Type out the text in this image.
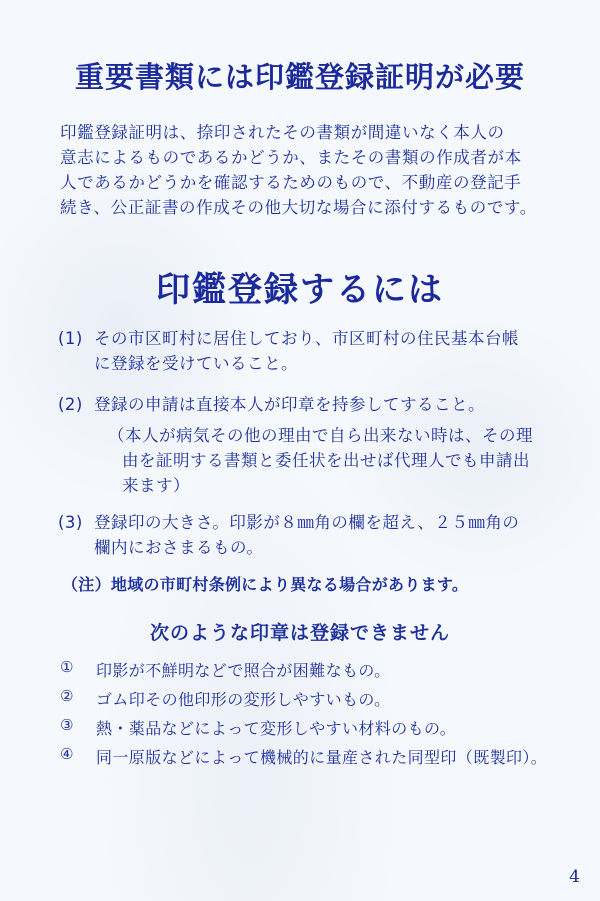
重要書類には印鑑登録証明が必要
印鑑登録証明は、捺印されたその書類が間違いなく本人の
意志によるものであるかどうか、またその書類の作成者が本
人であるかどうかを確認するためのもので、不動産の登記手
続き、公正証書の作成その他大切な場合に添付するものです。
印鑑登録するには
(1) その市区町村に居住しており、市区町村の住民基本台帳
に登録を受けていること。
(2) 登録の申請は直接本人が印章を持参してすること。
（本人が病気その他の理由で自ら出来ない時は、その理
由を証明する書類と委任状を出せば代理人でも申請出
来ます）
(3) 登録印の大きさ。印影が８㎜角の欄を超え、２５㎜角の
欄内におさまるもの。
（注）地域の市町村条例により異なる場合があります。
次のような印章は登録できません
① 印影が不鮮明などで照合が困難なもの。
② ゴム印その他印形の変形しやすいもの。
③ 熱・薬品などによって変形しやすい材料のもの。
④ 同一原版などによって機械的に量産された同型印（既製印）。
4
